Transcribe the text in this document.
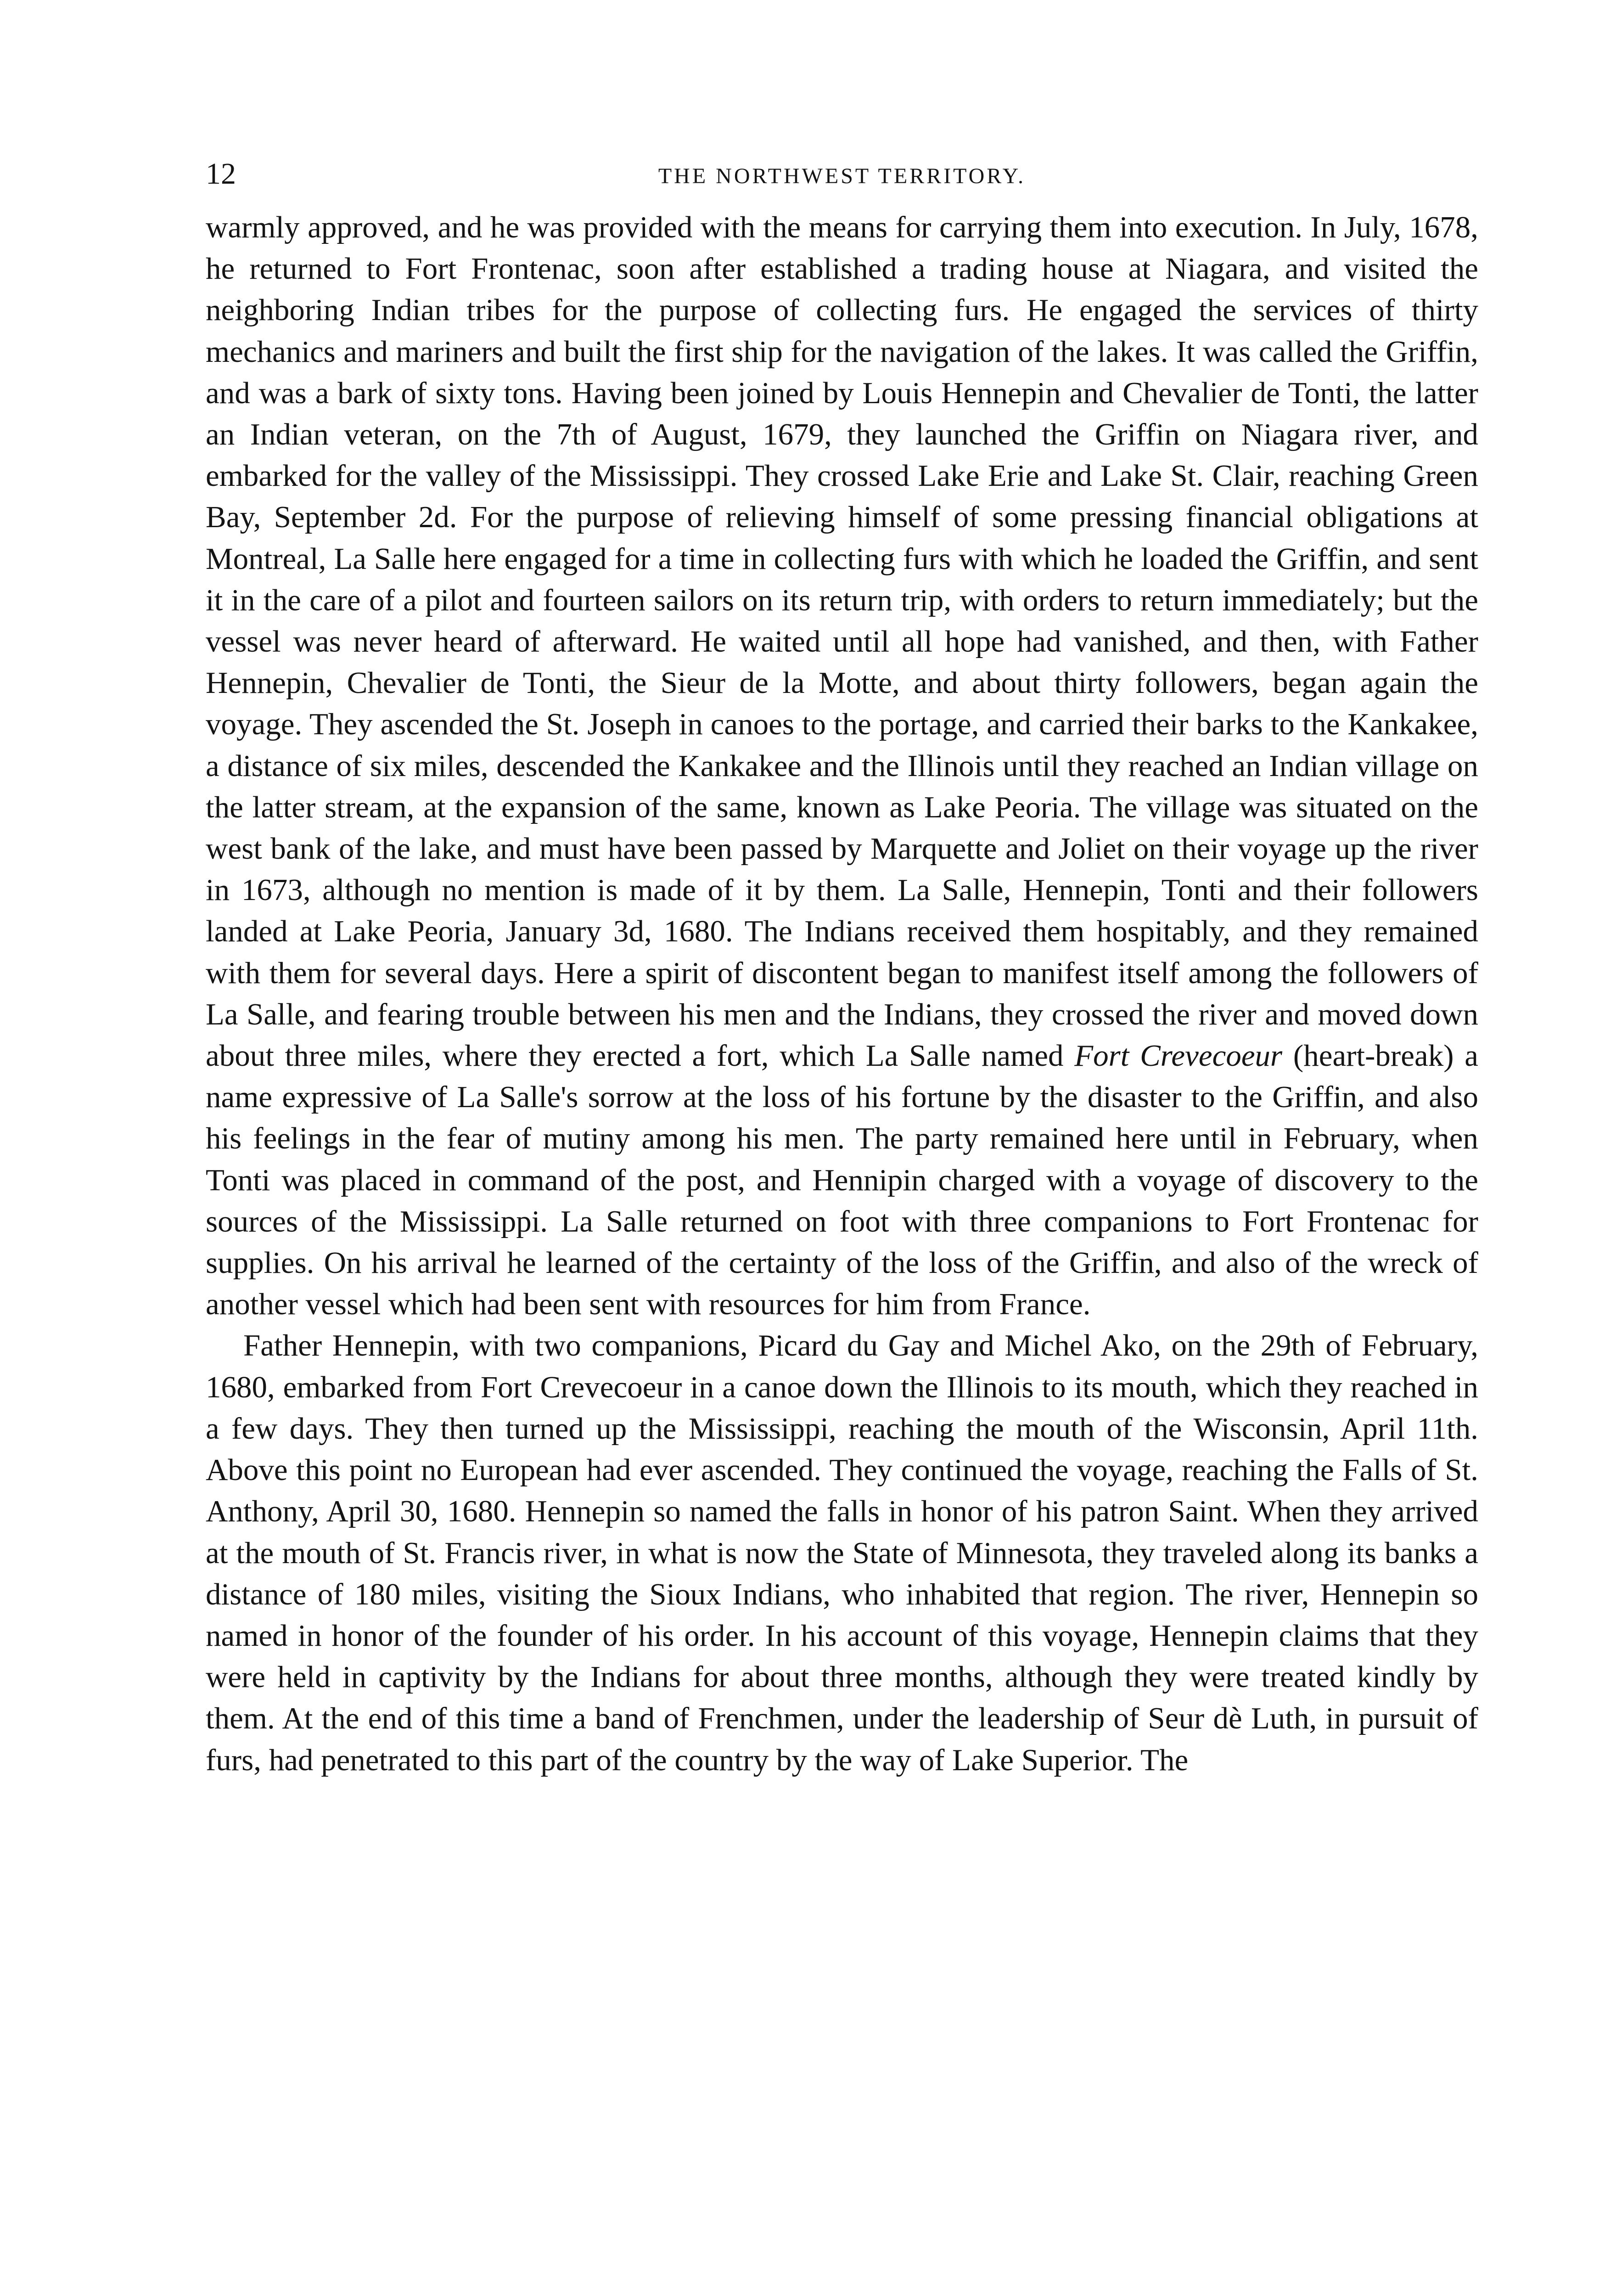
12	THE NORTHWEST TERRITORY.

warmly approved, and he was provided with the means for carrying them into execution. In July, 1678, he returned to Fort Frontenac, soon after established a trading house at Niagara, and visited the neighboring Indian tribes for the purpose of collecting furs. He engaged the services of thirty mechanics and mariners and built the first ship for the navigation of the lakes. It was called the Griffin, and was a bark of sixty tons. Having been joined by Louis Hennepin and Chevalier de Tonti, the latter an Indian veteran, on the 7th of August, 1679, they launched the Griffin on Niagara river, and embarked for the valley of the Mississippi. They crossed Lake Erie and Lake St. Clair, reaching Green Bay, September 2d. For the purpose of relieving himself of some pressing financial obligations at Montreal, La Salle here engaged for a time in collecting furs with which he loaded the Griffin, and sent it in the care of a pilot and fourteen sailors on its return trip, with orders to return immediately; but the vessel was never heard of afterward. He waited until all hope had vanished, and then, with Father Hennepin, Chevalier de Tonti, the Sieur de la Motte, and about thirty followers, began again the voyage. They ascended the St. Joseph in canoes to the portage, and carried their barks to the Kankakee, a distance of six miles, descended the Kankakee and the Illinois until they reached an Indian village on the latter stream, at the expansion of the same, known as Lake Peoria. The village was situated on the west bank of the lake, and must have been passed by Marquette and Joliet on their voyage up the river in 1673, although no mention is made of it by them. La Salle, Hennepin, Tonti and their followers landed at Lake Peoria, January 3d, 1680. The Indians received them hospitably, and they remained with them for several days. Here a spirit of discontent began to manifest itself among the followers of La Salle, and fearing trouble between his men and the Indians, they crossed the river and moved down about three miles, where they erected a fort, which La Salle named Fort Crevecoeur (heart-break) a name expressive of La Salle's sorrow at the loss of his fortune by the disaster to the Griffin, and also his feelings in the fear of mutiny among his men. The party remained here until in February, when Tonti was placed in command of the post, and Hennipin charged with a voyage of discovery to the sources of the Mississippi. La Salle returned on foot with three companions to Fort Frontenac for supplies. On his arrival he learned of the certainty of the loss of the Griffin, and also of the wreck of another vessel which had been sent with resources for him from France.

Father Hennepin, with two companions, Picard du Gay and Michel Ako, on the 29th of February, 1680, embarked from Fort Crevecoeur in a canoe down the Illinois to its mouth, which they reached in a few days. They then turned up the Mississippi, reaching the mouth of the Wisconsin, April 11th. Above this point no European had ever ascended. They continued the voyage, reaching the Falls of St. Anthony, April 30, 1680. Hennepin so named the falls in honor of his patron Saint. When they arrived at the mouth of St. Francis river, in what is now the State of Minnesota, they traveled along its banks a distance of 180 miles, visiting the Sioux Indians, who inhabited that region. The river, Hennepin so named in honor of the founder of his order. In his account of this voyage, Hennepin claims that they were held in captivity by the Indians for about three months, although they were treated kindly by them. At the end of this time a band of Frenchmen, under the leadership of Seur dè Luth, in pursuit of furs, had penetrated to this part of the country by the way of Lake Superior. The
